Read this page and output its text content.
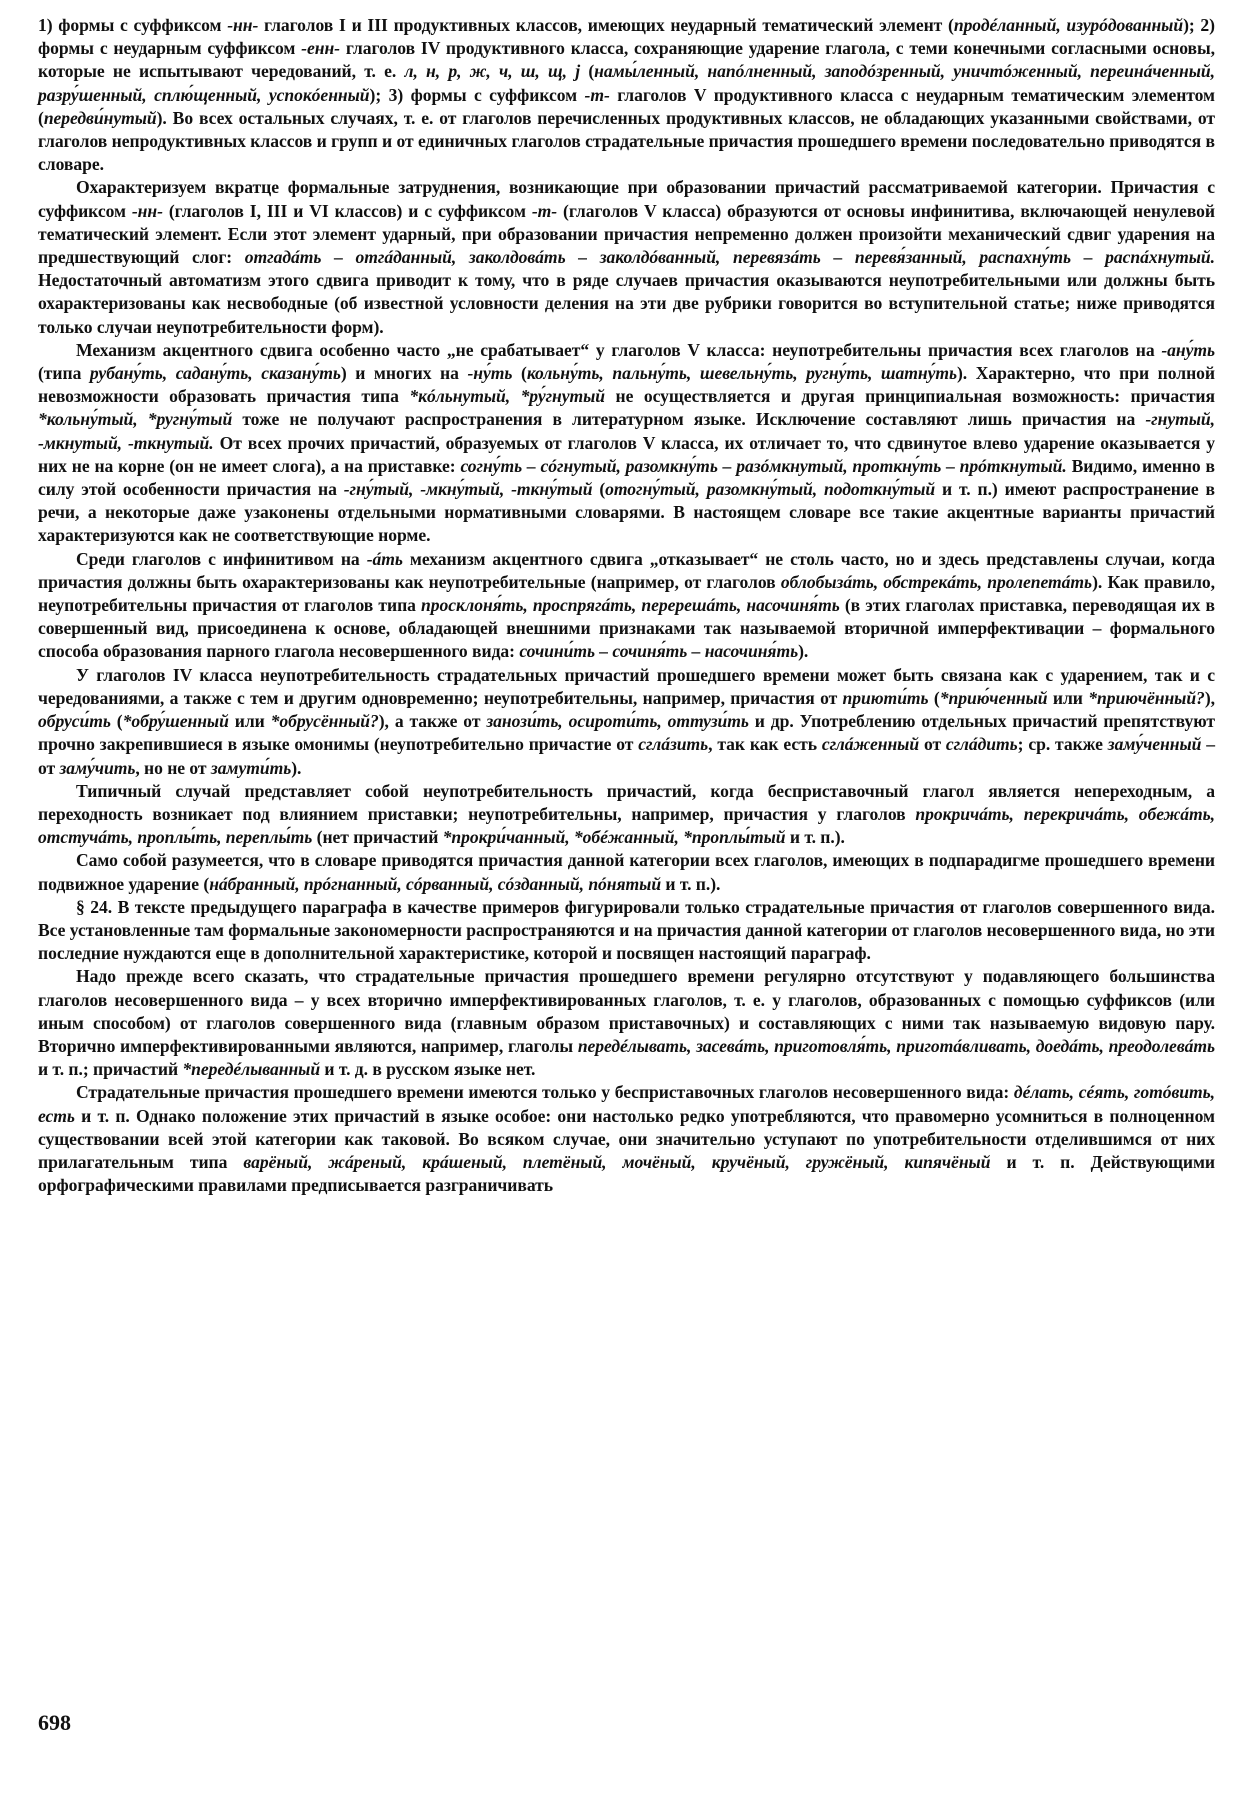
1) формы с суффиксом -нн- глаголов I и III продуктивных классов, имеющих неударный тематический элемент (продéланный, изурóдованный); 2) формы с неударным суффиксом -енн- глаголов IV продуктивного класса, сохраняющие ударение глагола, с теми конечными согласными основы, которые не испытывают чередований, т. е. л, н, р, ж, ч, ш, щ, j (намы́ленный, напóлненный, заподóзренный, уничтóженный, переинáченный, разру́шенный, сплю́щенный, успокóенный); 3) формы с суффиксом -т- глаголов V продуктивного класса с неударным тематическим элементом (передви́нутый). Во всех остальных случаях, т. е. от глаголов перечисленных продуктивных классов, не обладающих указанными свойствами, от глаголов непродуктивных классов и групп и от единичных глаголов страдательные причастия прошедшего времени последовательно приводятся в словаре.

Охарактеризуем вкратце формальные затруднения, возникающие при образовании причастий рассматриваемой категории. Причастия с суффиксом -нн- (глаголов I, III и VI классов) и с суффиксом -т- (глаголов V класса) образуются от основы инфинитива, включающей ненулевой тематический элемент. Если этот элемент ударный, при образовании причастия непременно должен произойти механический сдвиг ударения на предшествующий слог: отгадáть – отгáданный, заколдовáть – заколдóванный, перевязáть – перевя́занный, распахну́ть – распáхнутый. Недостаточный автоматизм этого сдвига приводит к тому, что в ряде случаев причастия оказываются неупотребительными или должны быть охарактеризованы как несвободные (об известной условности деления на эти две рубрики говорится во вступительной статье; ниже приводятся только случаи неупотребительности форм).

Механизм акцентного сдвига особенно часто „не срабатывает“ у глаголов V класса: неупотребительны причастия всех глаголов на -ану́ть (типа рубану́ть, садану́ть, сказану́ть) и многих на -ну́ть (кольну́ть, пальну́ть, шевельну́ть, ругну́ть, шатну́ть). Характерно, что при полной невозможности образовать причастия типа *кóльнутый, *ру́гнутый не осуществляется и другая принципиальная возможность: причастия *кольну́тый, *ругну́тый тоже не получают распространения в литературном языке. Исключение составляют лишь причастия на -гнутый, -мкнутый, -ткнутый. От всех прочих причастий, образуемых от глаголов V класса, их отличает то, что сдвинутое влево ударение оказывается у них не на корне (он не имеет слога), а на приставке: согну́ть – сóгнутый, разомкну́ть – разóмкнутый, проткну́ть – прóткнутый. Видимо, именно в силу этой особенности причастия на -гну́тый, -мкну́тый, -ткну́тый (отогну́тый, разомкну́тый, подоткну́тый и т. п.) имеют распространение в речи, а некоторые даже узаконены отдельными нормативными словарями. В настоящем словаре все такие акцентные варианты причастий характеризуются как не соответствующие норме.

Среди глаголов с инфинитивом на -áть механизм акцентного сдвига „отказывает“ не столь часто, но и здесь представлены случаи, когда причастия должны быть охарактеризованы как неупотребительные (например, от глаголов облобызáть, обстрекáть, пролепетáть). Как правило, неупотребительны причастия от глаголов типа просклоня́ть, проспрягáть, перерешáть, насочиня́ть (в этих глаголах приставка, переводящая их в совершенный вид, присоединена к основе, обладающей внешними признаками так называемой вторичной имперфективации – формального способа образования парного глагола несовершенного вида: сочини́ть – сочиня́ть – насочиня́ть).

У глаголов IV класса неупотребительность страдательных причастий прошедшего времени может быть связана как с ударением, так и с чередованиями, а также с тем и другим одновременно; неупотребительны, например, причастия от приюти́ть (*прию́ченный или *приючённый?), обруси́ть (*обру́шенный или *обрусённый?), а также от занози́ть, осироти́ть, оттузи́ть и др. Употреблению отдельных причастий препятствуют прочно закрепившиеся в языке омонимы (неупотребительно причастие от сглáзить, так как есть сглáженный от сглáдить; ср. также заму́ченный – от заму́чить, но не от замути́ть).

Типичный случай представляет собой неупотребительность причастий, когда бесприставочный глагол является непереходным, а переходность возникает под влиянием приставки; неупотребительны, например, причастия у глаголов прокричáть, перекричáть, обежáть, отстучáть, проплы́ть, переплы́ть (нет причастий *прокри́чанный, *обéжанный, *проплы́тый и т. п.).

Само собой разумеется, что в словаре приводятся причастия данной категории всех глаголов, имеющих в подпарадигме прошедшего времени подвижное ударение (нáбранный, прóгнанный, сóрванный, сóзданный, пóнятый и т. п.).

§ 24. В тексте предыдущего параграфа в качестве примеров фигурировали только страдательные причастия от глаголов совершенного вида. Все установленные там формальные закономерности распространяются и на причастия данной категории от глаголов несовершенного вида, но эти последние нуждаются еще в дополнительной характеристике, которой и посвящен настоящий параграф.

Надо прежде всего сказать, что страдательные причастия прошедшего времени регулярно отсутствуют у подавляющего большинства глаголов несовершенного вида – у всех вторично имперфективированных глаголов, т. е. у глаголов, образованных с помощью суффиксов (или иным способом) от глаголов совершенного вида (главным образом приставочных) и составляющих с ними так называемую видовую пару. Вторично имперфективированными являются, например, глаголы передéлывать, засевáть, приготовля́ть, приготáвливать, доедáть, преодолевáть и т. п.; причастий *передéлыванный и т. д. в русском языке нет.

Страдательные причастия прошедшего времени имеются только у бесприставочных глаголов несовершенного вида: дéлать, сéять, готóвить, есть и т. п. Однако положение этих причастий в языке особое: они настолько редко употребляются, что правомерно усомниться в полноценном существовании всей этой категории как таковой. Во всяком случае, они значительно уступают по употребительности отделившимся от них прилагательным типа варёный, жáреный, крáшеный, плетёный, мочёный, кручёный, гружёный, кипячёный и т. п. Действующими орфографическими правилами предписывается разграничивать

698
